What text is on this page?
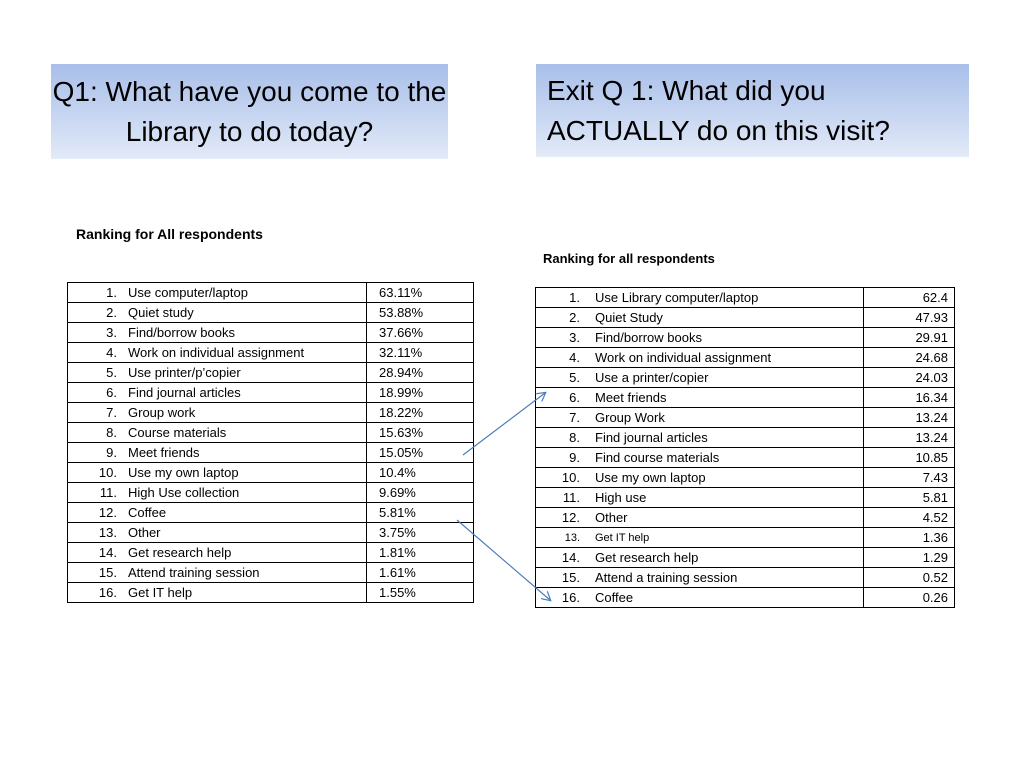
Q1: What have you come to the Library to do today?
Exit Q 1: What did you ACTUALLY do on this visit?
Ranking for All respondents
Ranking for all respondents
1. Use computer/laptop	63.11%
2. Quiet study	53.88%
3. Find/borrow books	37.66%
4. Work on individual assignment	32.11%
5. Use printer/p’copier	28.94%
6. Find journal articles	18.99%
7. Group work	18.22%
8. Course materials	15.63%
9. Meet friends	15.05%
10. Use my own laptop	10.4%
11. High Use collection	9.69%
12. Coffee	5.81%
13. Other	3.75%
14. Get research help	1.81%
15. Attend training session	1.61%
16. Get IT help	1.55%
1. Use Library computer/laptop	62.4
2. Quiet Study	47.93
3. Find/borrow books	29.91
4. Work on individual assignment	24.68
5. Use a printer/copier	24.03
6. Meet friends	16.34
7. Group Work	13.24
8. Find journal articles	13.24
9. Find course materials	10.85
10. Use my own laptop	7.43
11. High use	5.81
12. Other	4.52
13. Get IT help	1.36
14. Get research help	1.29
15. Attend a training session	0.52
16. Coffee	0.26
